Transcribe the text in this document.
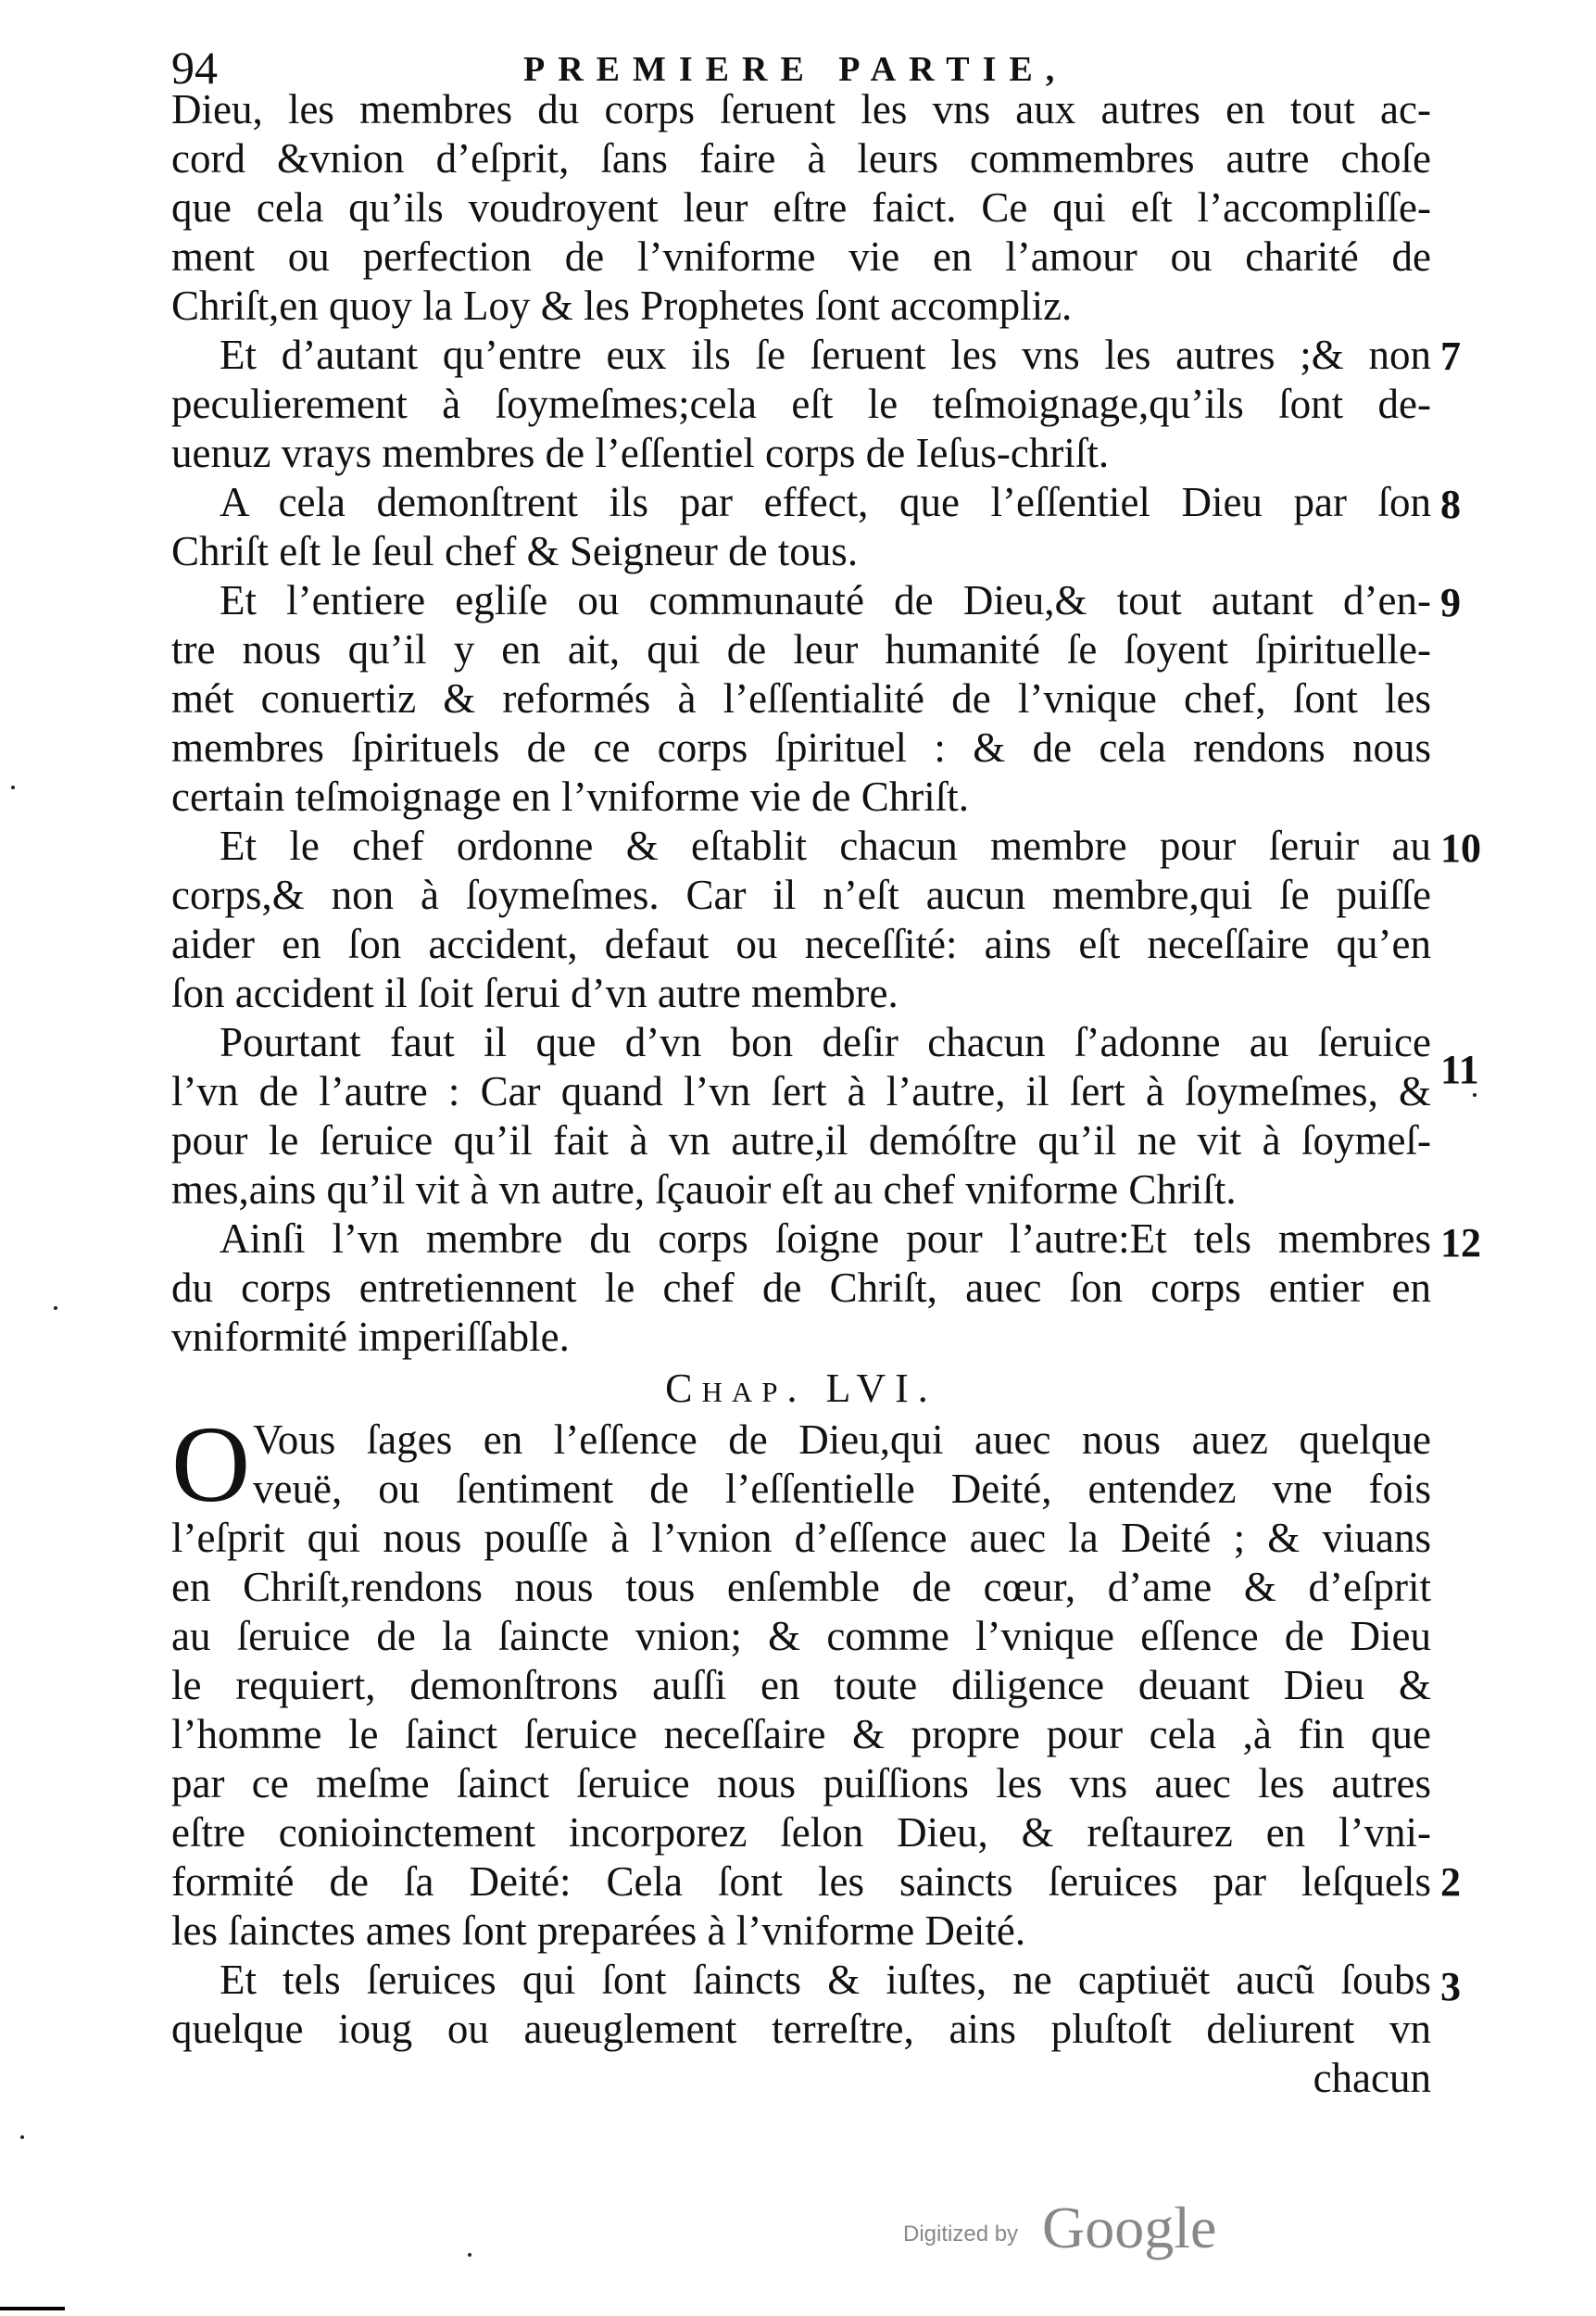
94	PREMIERE PARTIE,
7
8
9
10
11
12
2
3
Dieu, les membres du corps ſeruent les vns aux autres en tout ac-
cord &vnion d’eſprit, ſans faire à leurs commembres autre choſe
que cela qu’ils voudroyent leur eſtre faict. Ce qui eſt l’accompliſſe-
ment ou perfection de l’vniforme vie en l’amour ou charité de
Chriſt,en quoy la Loy & les Prophetes ſont accompliz.
Et d’autant qu’entre eux ils ſe ſeruent les vns les autres ;& non
peculierement à ſoymeſmes;cela eſt le teſmoignage,qu’ils ſont de-
uenuz vrays membres de l’eſſentiel corps de Ieſus-chriſt.
A cela demonſtrent ils par effect, que l’eſſentiel Dieu par ſon
Chriſt eſt le ſeul chef & Seigneur de tous.
Et l’entiere egliſe ou communauté de Dieu,& tout autant d’en-
tre nous qu’il y en ait, qui de leur humanité ſe ſoyent ſpirituelle-
mét conuertiz & reformés à l’eſſentialité de l’vnique chef, ſont les
membres ſpirituels de ce corps ſpirituel : & de cela rendons nous
certain teſmoignage en l’vniforme vie de Chriſt.
Et le chef ordonne & eſtablit chacun membre pour ſeruir au
corps,& non à ſoymeſmes. Car il n’eſt aucun membre,qui ſe puiſſe
aider en ſon accident, defaut ou neceſſité: ains eſt neceſſaire qu’en
ſon accident il ſoit ſerui d’vn autre membre.
Pourtant faut il que d’vn bon deſir chacun ſ’adonne au ſeruice
l’vn de l’autre : Car quand l’vn ſert à l’autre, il ſert à ſoymeſmes, &
pour le ſeruice qu’il fait à vn autre,il demóſtre qu’il ne vit à ſoymeſ-
mes,ains qu’il vit à vn autre, ſçauoir eſt au chef vniforme Chriſt.
Ainſi l’vn membre du corps ſoigne pour l’autre:Et tels membres
du corps entretiennent le chef de Chriſt, auec ſon corps entier en
vniformité imperiſſable.
Chap. LVI.
O Vous ſages en l’eſſence de Dieu,qui auec nous auez quelque
veuë, ou ſentiment de l’eſſentielle Deité, entendez vne fois
l’eſprit qui nous pouſſe à l’vnion d’eſſence auec la Deité ; & viuans
en Chriſt,rendons nous tous enſemble de cœur, d’ame & d’eſprit
au ſeruice de la ſaincte vnion; & comme l’vnique eſſence de Dieu
le requiert, demonſtrons auſſi en toute diligence deuant Dieu &
l’homme le ſainct ſeruice neceſſaire & propre pour cela ,à fin que
par ce meſme ſainct ſeruice nous puiſſions les vns auec les autres
eſtre conioinctement incorporez ſelon Dieu, & reſtaurez en l’vni-
formité de ſa Deité: Cela ſont les saincts ſeruices par leſquels
les ſainctes ames ſont preparées à l’vniforme Deité.
Et tels ſeruices qui ſont ſaincts & iuſtes, ne captiuët aucũ ſoubs
quelque ioug ou aueuglement terreſtre, ains pluſtoſt deliurent vn
chacun
Digitized by Google
